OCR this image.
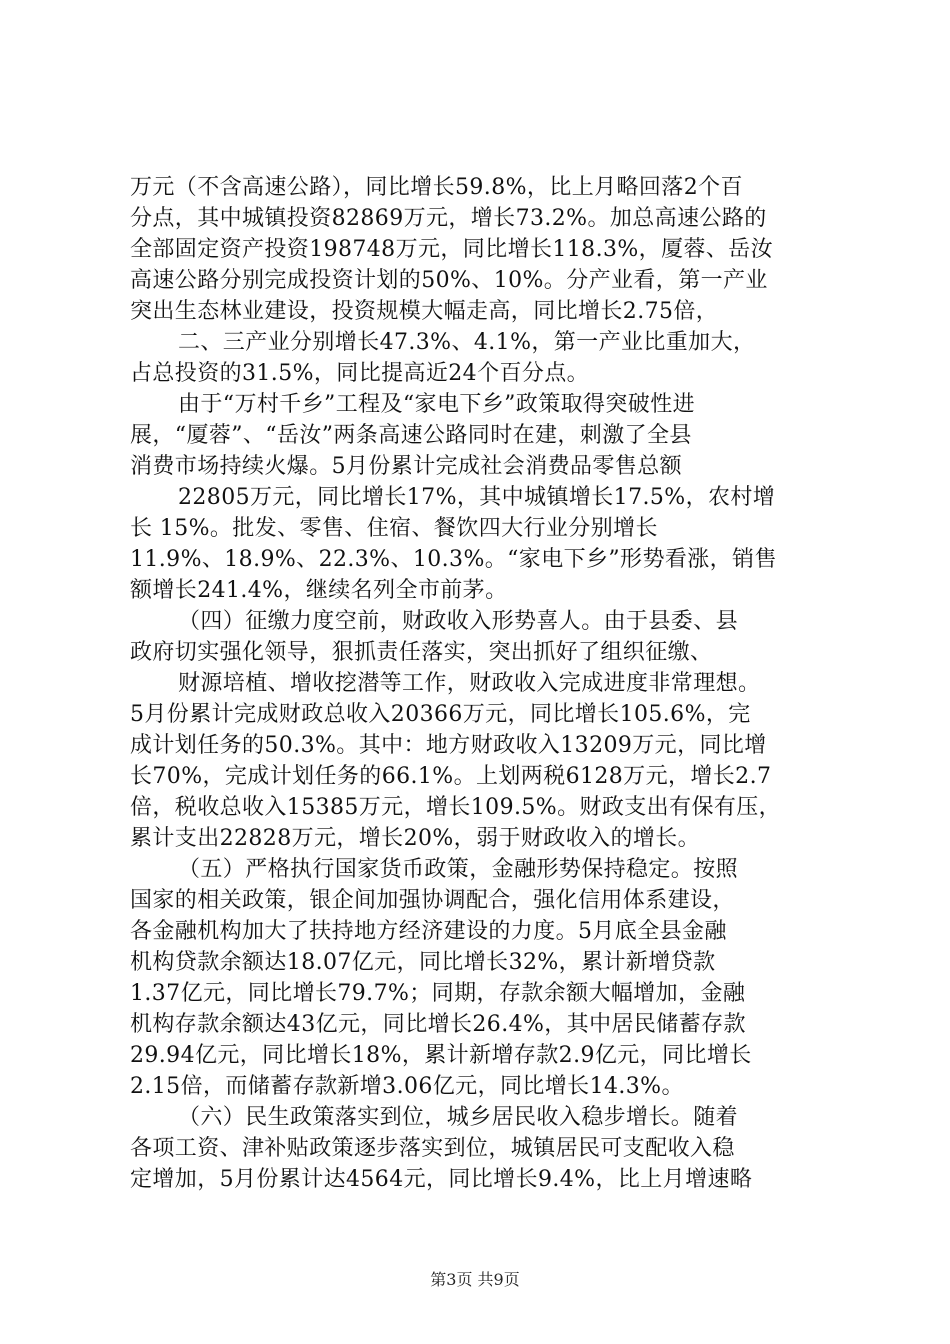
万元（不含高速公路），同比增长59.8%，比上月略回落2个百
分点，其中城镇投资82869万元，增长73.2%。加总高速公路的
全部固定资产投资198748万元，同比增长118.3%，厦蓉、岳汝
高速公路分别完成投资计划的50%、10%。分产业看，第一产业
突出生态林业建设，投资规模大幅走高，同比增长2.75倍，
二、三产业分别增长47.3%、4.1%，第一产业比重加大，
占总投资的31.5%，同比提高近24个百分点。
由于“万村千乡”工程及“家电下乡”政策取得突破性进
展，“厦蓉”、“岳汝”两条高速公路同时在建，刺激了全县
消费市场持续火爆。5月份累计完成社会消费品零售总额
22805万元，同比增长17%，其中城镇增长17.5%，农村增
长 15%。批发、零售、住宿、餐饮四大行业分别增长
11.9%、18.9%、22.3%、10.3%。“家电下乡”形势看涨，销售
额增长241.4%，继续名列全市前茅。
（四）征缴力度空前，财政收入形势喜人。由于县委、县
政府切实强化领导，狠抓责任落实，突出抓好了组织征缴、
财源培植、增收挖潜等工作，财政收入完成进度非常理想。
5月份累计完成财政总收入20366万元，同比增长105.6%，完
成计划任务的50.3%。其中：地方财政收入13209万元，同比增
长70%，完成计划任务的66.1%。上划两税6128万元，增长2.7
倍，税收总收入15385万元，增长109.5%。财政支出有保有压，
累计支出22828万元，增长20%，弱于财政收入的增长。
（五）严格执行国家货币政策，金融形势保持稳定。按照
国家的相关政策，银企间加强协调配合，强化信用体系建设，
各金融机构加大了扶持地方经济建设的力度。5月底全县金融
机构贷款余额达18.07亿元，同比增长32%，累计新增贷款
1.37亿元，同比增长79.7%；同期，存款余额大幅增加，金融
机构存款余额达43亿元，同比增长26.4%，其中居民储蓄存款
29.94亿元，同比增长18%，累计新增存款2.9亿元，同比增长
2.15倍，而储蓄存款新增3.06亿元，同比增长14.3%。
（六）民生政策落实到位，城乡居民收入稳步增长。随着
各项工资、津补贴政策逐步落实到位，城镇居民可支配收入稳
定增加，5月份累计达4564元，同比增长9.4%，比上月增速略
第3页 共9页
